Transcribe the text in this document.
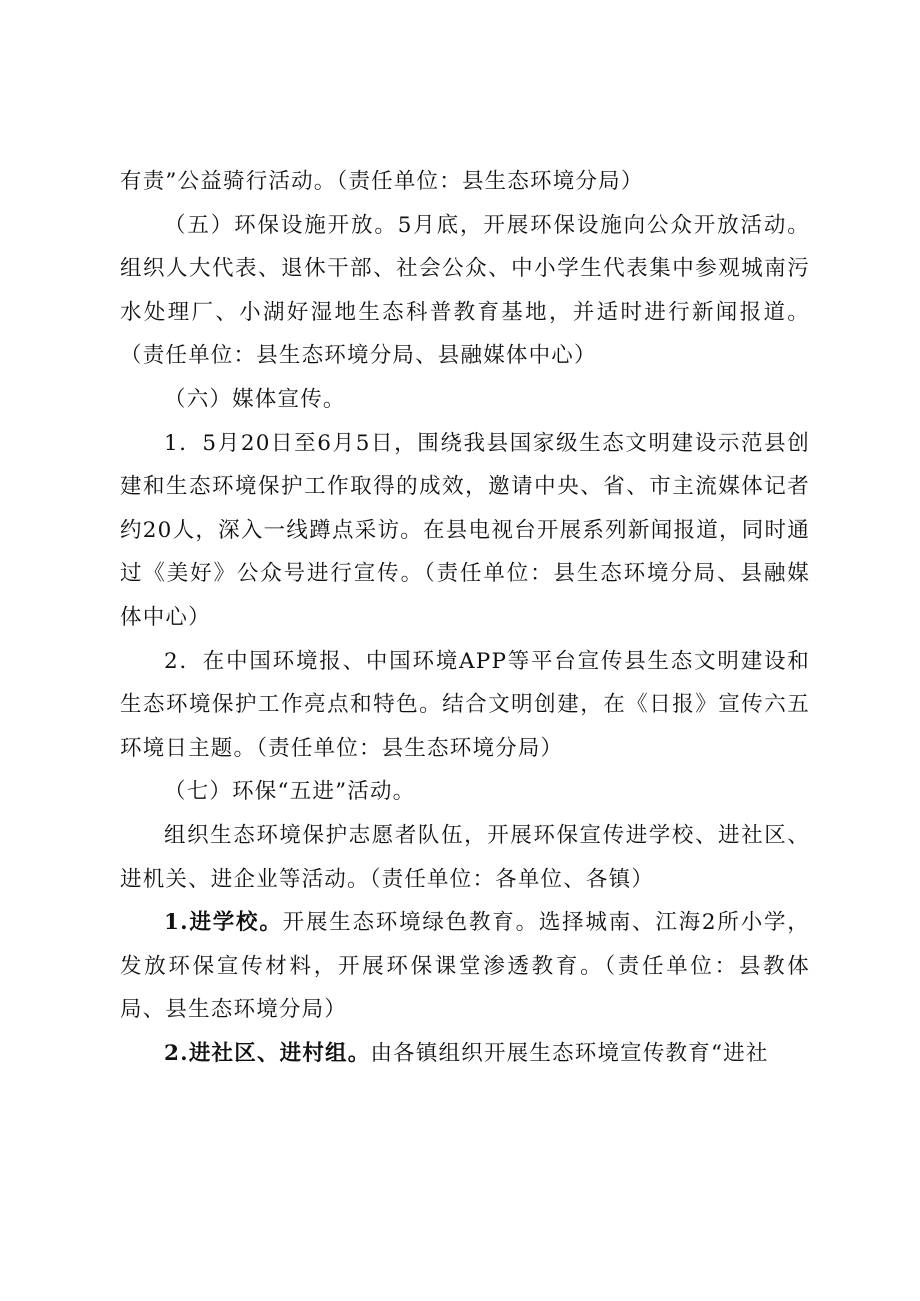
有责”公益骑行活动。（责任单位：县生态环境分局）

（五）环保设施开放。5月底，开展环保设施向公众开放活动。组织人大代表、退休干部、社会公众、中小学生代表集中参观城南污水处理厂、小湖好湿地生态科普教育基地，并适时进行新闻报道。（责任单位：县生态环境分局、县融媒体中心）

（六）媒体宣传。

1．5月20日至6月5日，围绕我县国家级生态文明建设示范县创建和生态环境保护工作取得的成效，邀请中央、省、市主流媒体记者约20人，深入一线蹲点采访。在县电视台开展系列新闻报道，同时通过《美好》公众号进行宣传。（责任单位：县生态环境分局、县融媒体中心）

2．在中国环境报、中国环境APP等平台宣传县生态文明建设和生态环境保护工作亮点和特色。结合文明创建，在《日报》宣传六五环境日主题。（责任单位：县生态环境分局）

（七）环保“五进”活动。

组织生态环境保护志愿者队伍，开展环保宣传进学校、进社区、进机关、进企业等活动。（责任单位：各单位、各镇）

1.进学校。开展生态环境绿色教育。选择城南、江海2所小学，发放环保宣传材料，开展环保课堂渗透教育。（责任单位：县教体局、县生态环境分局）

2.进社区、进村组。由各镇组织开展生态环境宣传教育“进社
